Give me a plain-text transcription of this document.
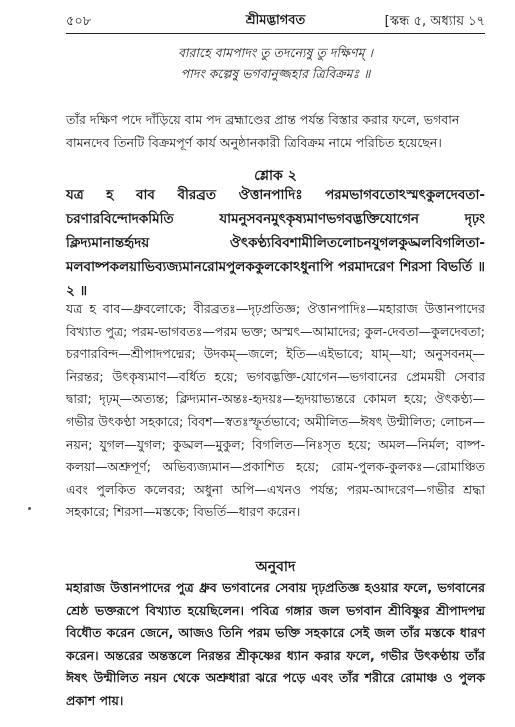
৫০৮	শ্রীমদ্ভাগবত	[স্কন্ধ ৫, অধ্যায় ১৭
বারাহে বামপাদং তু তদন্যেষু তু দক্ষিণম্ ।
পাদং কল্পেষু ভগবানুজ্জহার ত্রিবিক্রমঃ ॥
তাঁর দক্ষিণ পদে দাঁড়িয়ে বাম পদ ব্রহ্মাণ্ডের প্রান্ত পর্যন্ত বিস্তার করার ফলে, ভগবান বামনদেব তিনটি বিক্রমপূর্ণ কার্য অনুষ্ঠানকারী ত্রিবিক্রম নামে পরিচিত হয়েছেন।
শ্লোক ২
যত্র হ বাব বীরব্রত ঔত্তানপাদিঃ পরমভাগবতোঽস্মৎকুলদেবতা- চরণারবিন্দোদকমিতি যামনুসবনমুৎকৃষ্যমাণভগবদ্ভক্তিযোগেন দৃঢ়ং ক্লিদ্যমানান্তর্হৃদয় ঔৎকণ্ঠ্যবিবশামীলিতলোচনযুগলকুড্মলবিগলিতা- মলবাষ্পকলয়াভিব্যজ্যমানরোমপুলককুলকোঽধুনাপি পরমাদরেণ শিরসা বিভর্তি ॥ ২ ॥
যত্র হ বাব—ধ্রুবলোকে; বীরব্রতঃ—দৃঢ়প্রতিজ্ঞ; ঔত্তানপাদিঃ—মহারাজ উত্তানপাদের বিখ্যাত পুত্র; পরম-ভাগবতঃ—পরম ভক্ত; অস্মৎ—আমাদের; কুল-দেবতা—কুলদেবতা; চরণারবিন্দ—শ্রীপাদপদ্মের; উদকম্—জলে; ইতি—এইভাবে; যাম্—যা; অনুসবনম্—নিরন্তর; উৎকৃষ্যমাণ—বর্ধিত হয়ে; ভগবদ্ভক্তি-যোগেন—ভগবানের প্রেমময়ী সেবার দ্বারা; দৃঢ়ম্—অত্যন্ত; ক্লিদ্যমান-অন্তঃ-হৃদয়ঃ—হৃদয়াভ্যন্তরে কোমল হয়ে; ঔৎকণ্ঠ্য—গভীর উৎকণ্ঠা সহকারে; বিবশ—স্বতঃস্ফূর্তভাবে; অমীলিত—ঈষৎ উন্মীলিত; লোচন—নয়ন; যুগল—যুগল; কুড্মল—মুকুল; বিগলিত—নিঃসৃত হয়ে; অমল—নির্মল; বাষ্প-কলয়া—অশ্রুপূর্ণ; অভিব্যজ্যমান—প্রকাশিত হয়ে; রোম-পুলক-কুলকঃ—রোমাঞ্চিত এবং পুলকিত কলেবর; অধুনা অপি—এখনও পর্যন্ত; পরম-আদরেণ—গভীর শ্রদ্ধা সহকারে; শিরসা—মস্তকে; বিভর্তি—ধারণ করেন।
অনুবাদ
মহারাজ উত্তানপাদের পুত্র ধ্রুব ভগবানের সেবায় দৃঢ়প্রতিজ্ঞ হওয়ার ফলে, ভগবানের শ্রেষ্ঠ ভক্তরূপে বিখ্যাত হয়েছিলেন। পবিত্র গঙ্গার জল ভগবান শ্রীবিষ্ণুর শ্রীপাদপদ্ম বিধৌত করেন জেনে, আজও তিনি পরম ভক্তি সহকারে সেই জল তাঁর মস্তকে ধারণ করেন। অন্তরের অন্তস্তলে নিরন্তর শ্রীকৃষ্ণের ধ্যান করার ফলে, গভীর উৎকণ্ঠায় তাঁর ঈষৎ উন্মীলিত নয়ন থেকে অশ্রুধারা ঝরে পড়ে এবং তাঁর শরীরে রোমাঞ্চ ও পুলক প্রকাশ পায়।
